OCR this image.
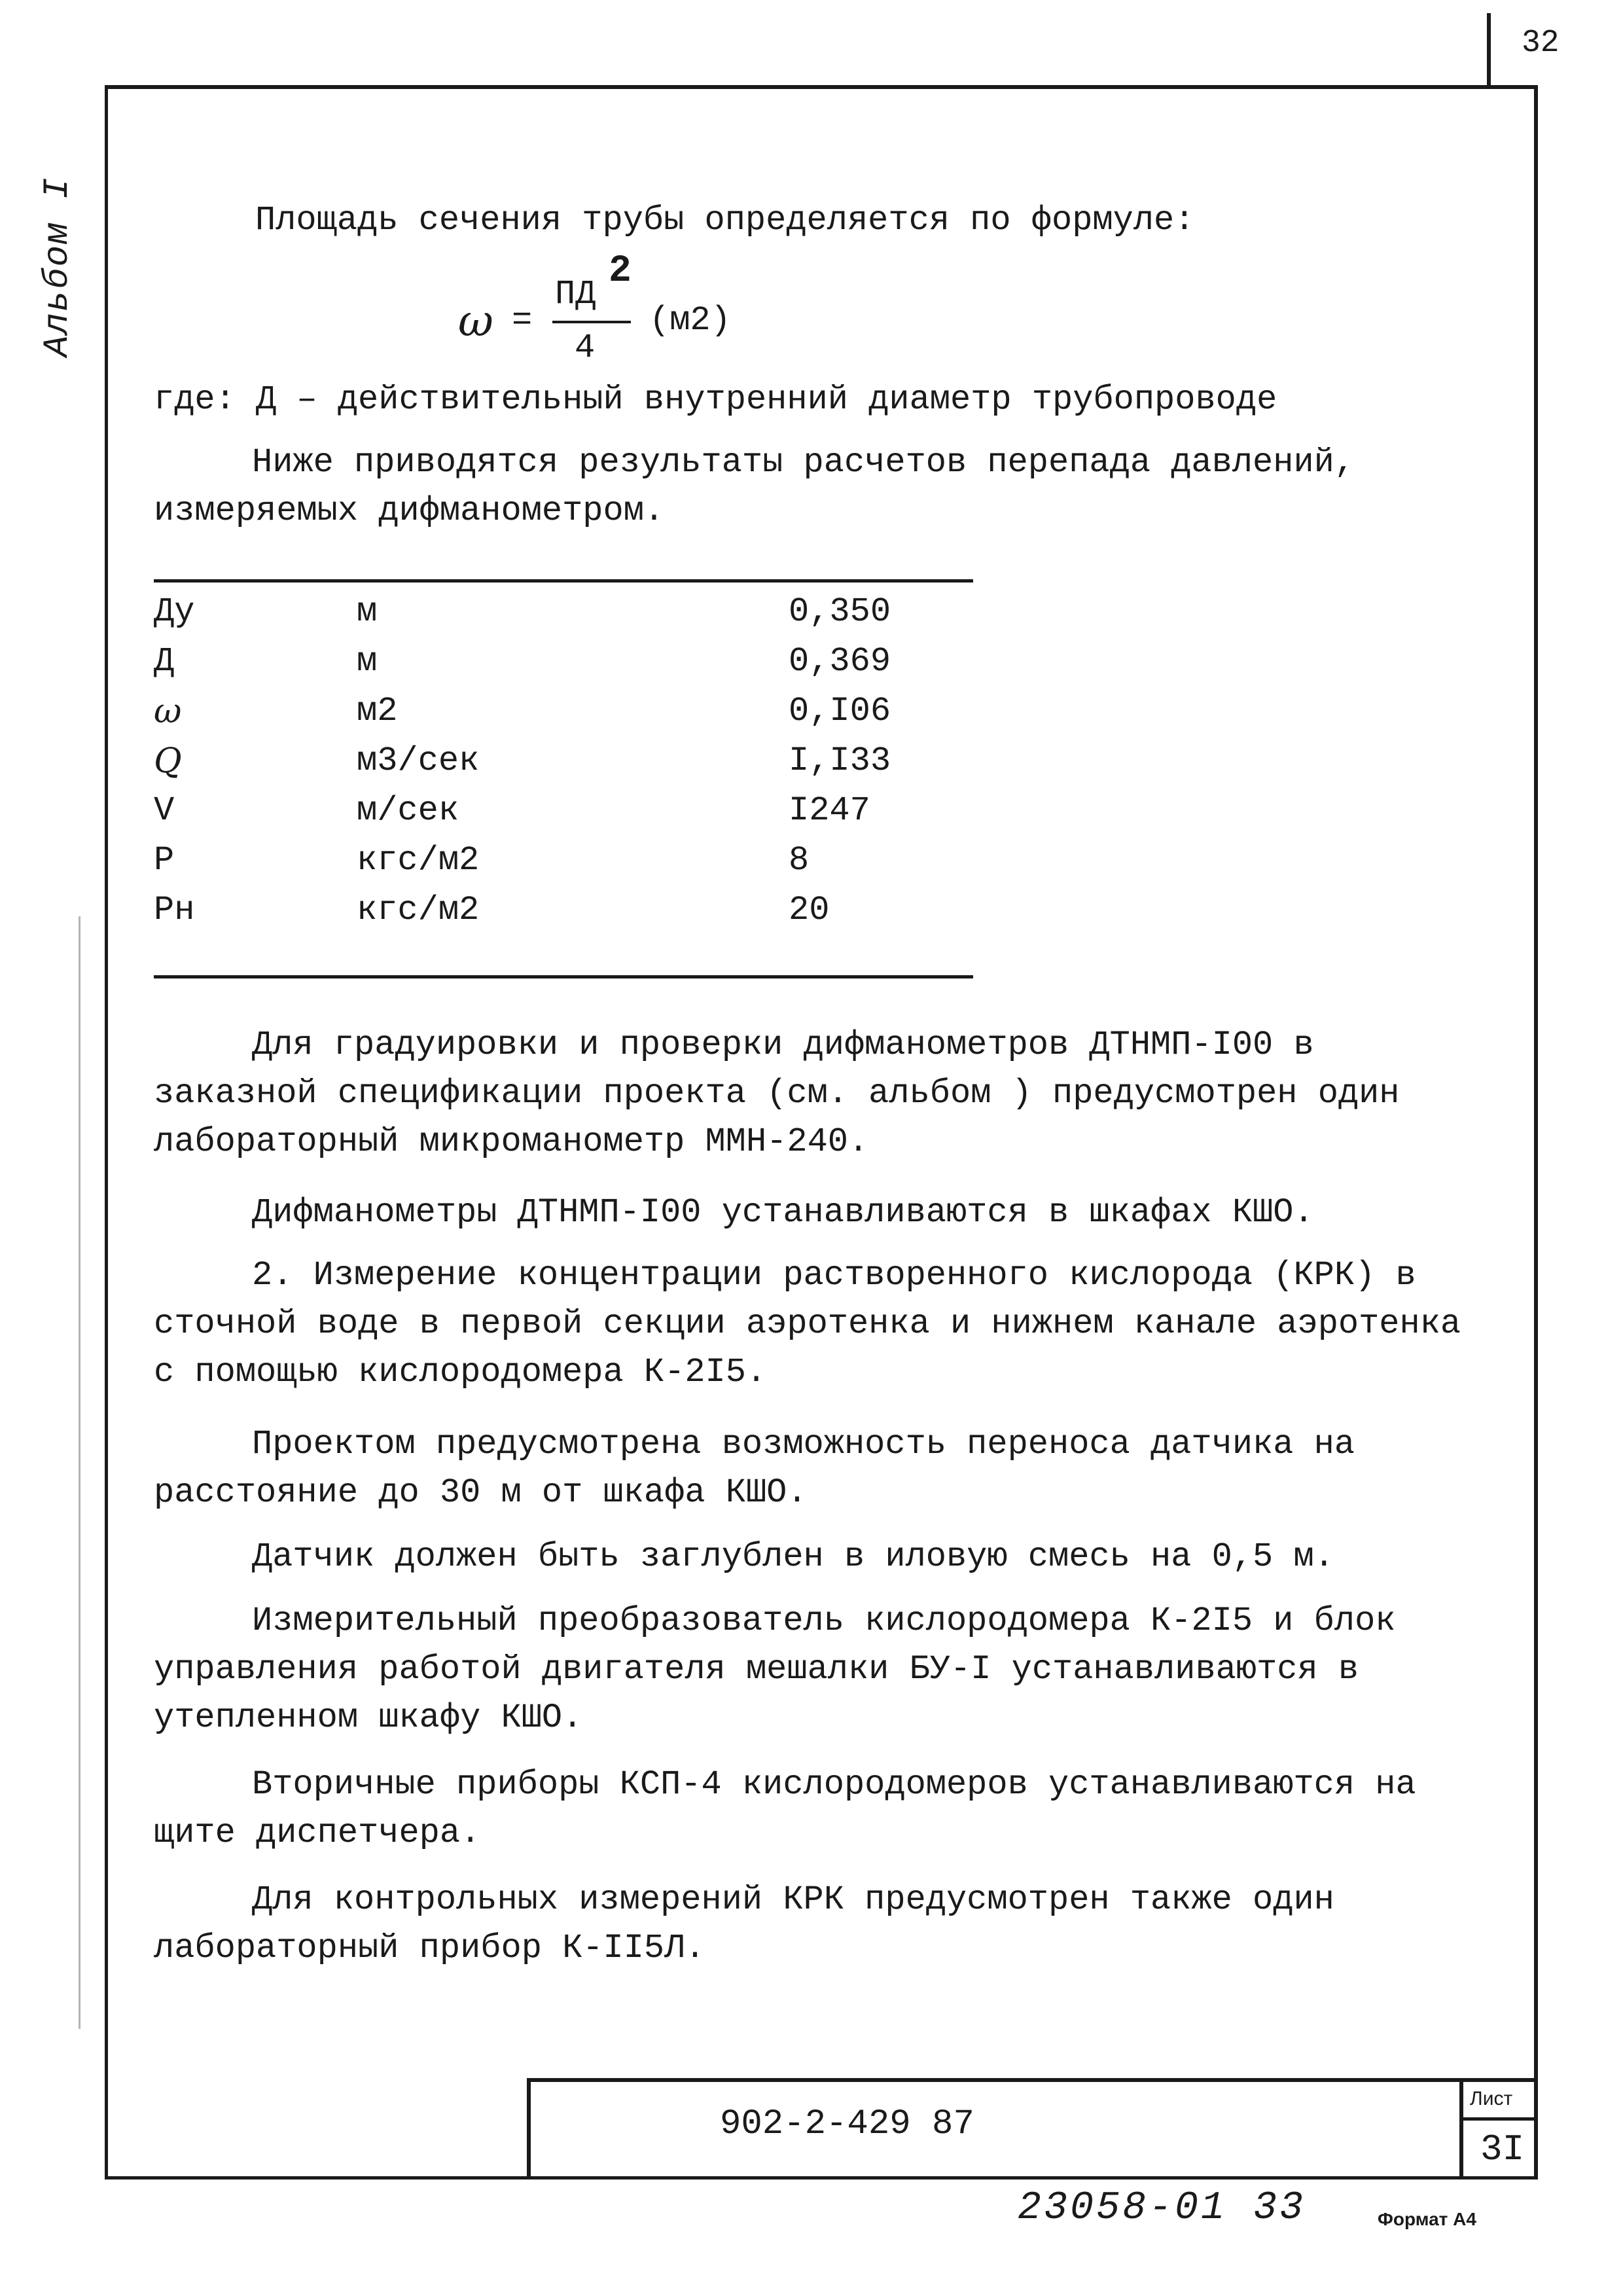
32
Альбом I	Площадь сечения трубы определяется по формуле:
ω =
ПД
2
4
(м2)
где: Д – действительный внутренний диаметр трубопроводе
Ниже приводятся результаты расчетов перепада давлений, измеряемых дифманометром.
Ду	м	0,350
Д	м	0,369
ω	м2	0,I06
Q	м3/сек	I,I33
V	м/сек	I247
Р	кгс/м2	8
Рн	кгс/м2	20
Для градуировки и проверки дифманометров ДТНМП-I00 в заказной спецификации проекта (см. альбом ) предусмотрен один лабораторный микроманометр ММН-240.
Дифманометры ДТНМП-I00 устанавливаются в шкафах КШО.
2. Измерение концентрации растворенного кислорода (КРК) в сточной воде в первой секции аэротенка и нижнем канале аэротенка с помощью кислородомера К-2I5.
Проектом предусмотрена возможность переноса датчика на расстояние до 30 м от шкафа КШО.
Датчик должен быть заглублен в иловую смесь на 0,5 м.
Измерительный преобразователь кислородомера К-2I5 и блок управления работой двигателя мешалки БУ-I устанавливаются в утепленном шкафу КШО.
Вторичные приборы КСП-4 кислородомеров устанавливаются на щите диспетчера.
Для контрольных измерений КРК предусмотрен также один лабораторный прибор К-II5Л.
902-2-429 87
Лист
3I
23058-01 33	Формат А4
